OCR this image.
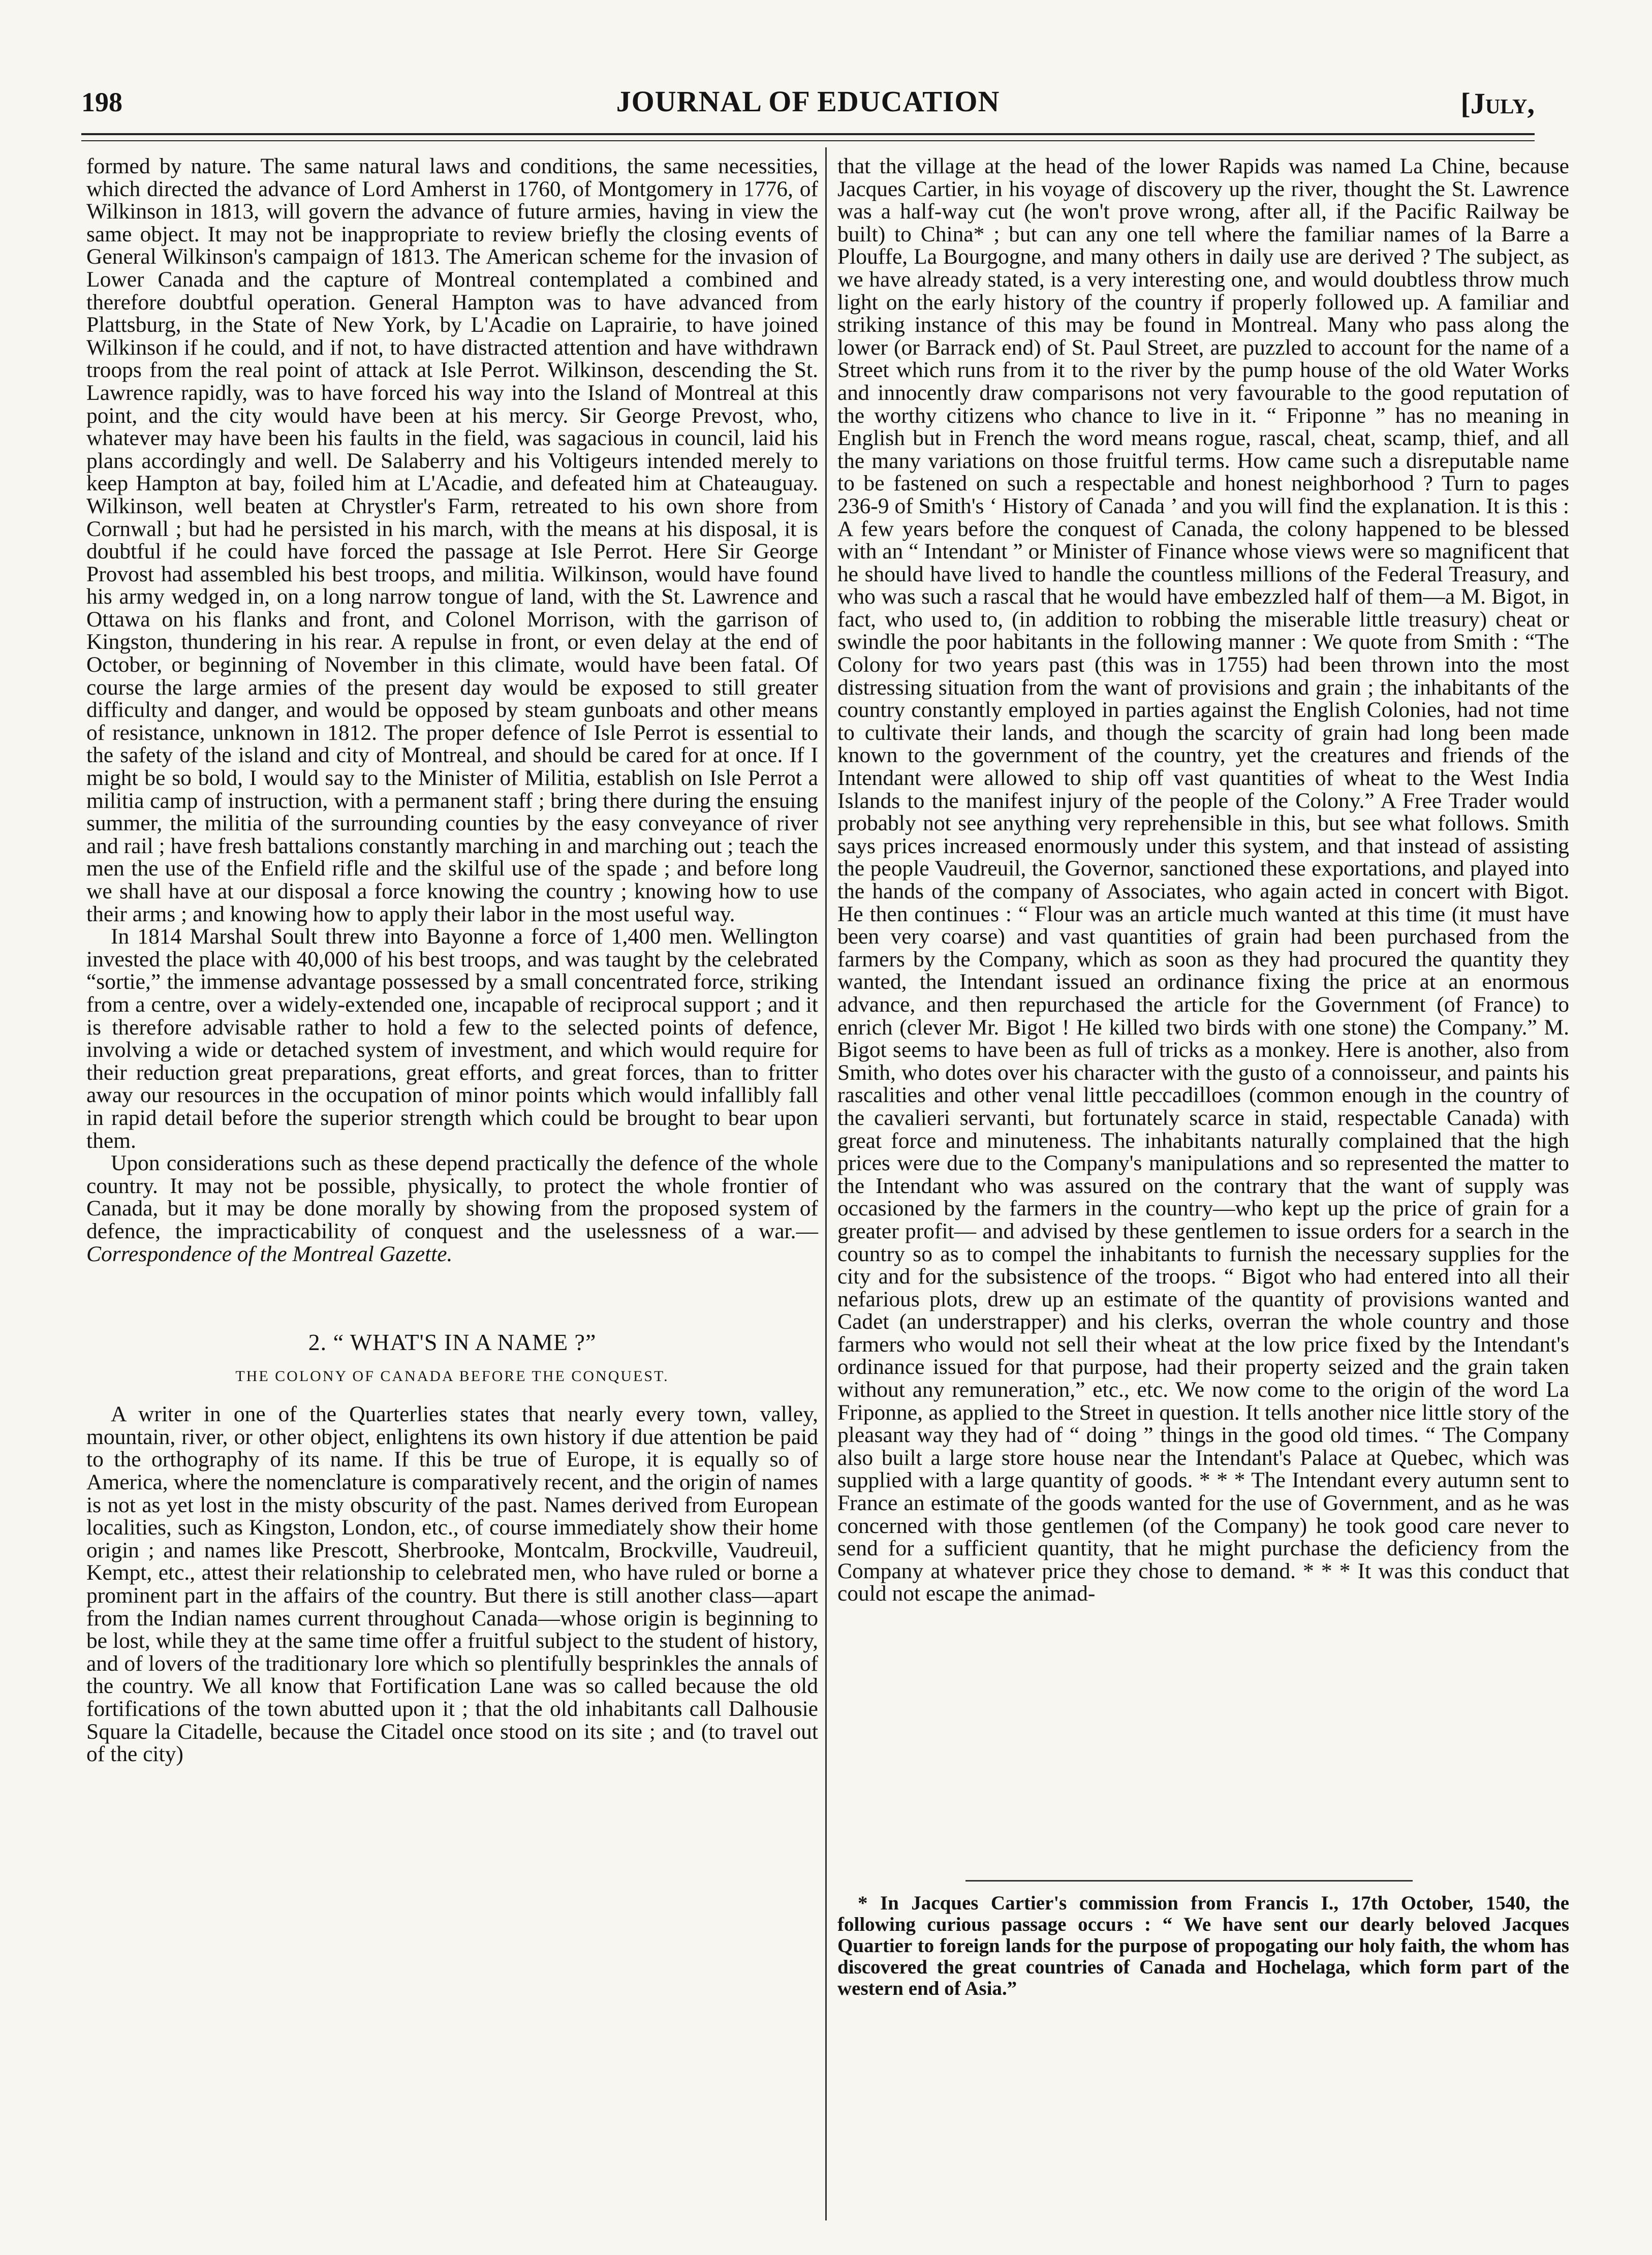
198	JOURNAL OF EDUCATION	[July,

formed by nature. The same natural laws and conditions, the same necessities, which directed the advance of Lord Amherst in 1760, of Montgomery in 1776, of Wilkinson in 1813, will govern the advance of future armies, having in view the same object. It may not be inappropriate to review briefly the closing events of General Wilkinson's campaign of 1813. The American scheme for the invasion of Lower Canada and the capture of Montreal contemplated a combined and therefore doubtful operation. General Hampton was to have advanced from Plattsburg, in the State of New York, by L'Acadie on Laprairie, to have joined Wilkinson if he could, and if not, to have distracted attention and have withdrawn troops from the real point of attack at Isle Perrot. Wilkinson, descending the St. Lawrence rapidly, was to have forced his way into the Island of Montreal at this point, and the city would have been at his mercy. Sir George Prevost, who, whatever may have been his faults in the field, was sagacious in council, laid his plans accordingly and well. De Salaberry and his Voltigeurs intended merely to keep Hampton at bay, foiled him at L'Acadie, and defeated him at Chateauguay. Wilkinson, well beaten at Chrystler's Farm, retreated to his own shore from Cornwall ; but had he persisted in his march, with the means at his disposal, it is doubtful if he could have forced the passage at Isle Perrot. Here Sir George Provost had assembled his best troops, and militia. Wilkinson, would have found his army wedged in, on a long narrow tongue of land, with the St. Lawrence and Ottawa on his flanks and front, and Colonel Morrison, with the garrison of Kingston, thundering in his rear. A repulse in front, or even delay at the end of October, or beginning of November in this climate, would have been fatal. Of course the large armies of the present day would be exposed to still greater difficulty and danger, and would be opposed by steam gunboats and other means of resistance, unknown in 1812. The proper defence of Isle Perrot is essential to the safety of the island and city of Montreal, and should be cared for at once. If I might be so bold, I would say to the Minister of Militia, establish on Isle Perrot a militia camp of instruction, with a permanent staff ; bring there during the ensuing summer, the militia of the surrounding counties by the easy conveyance of river and rail ; have fresh battalions constantly marching in and marching out ; teach the men the use of the Enfield rifle and the skilful use of the spade ; and before long we shall have at our disposal a force knowing the country ; knowing how to use their arms ; and knowing how to apply their labor in the most useful way.

In 1814 Marshal Soult threw into Bayonne a force of 1,400 men. Wellington invested the place with 40,000 of his best troops, and was taught by the celebrated “sortie,” the immense advantage possessed by a small concentrated force, striking from a centre, over a widely-extended one, incapable of reciprocal support ; and it is therefore advisable rather to hold a few to the selected points of defence, involving a wide or detached system of investment, and which would require for their reduction great preparations, great efforts, and great forces, than to fritter away our resources in the occupation of minor points which would infallibly fall in rapid detail before the superior strength which could be brought to bear upon them.

Upon considerations such as these depend practically the defence of the whole country. It may not be possible, physically, to protect the whole frontier of Canada, but it may be done morally by showing from the proposed system of defence, the impracticability of conquest and the uselessness of a war.—Correspondence of the Montreal Gazette.

2. “ WHAT'S IN A NAME ?”
THE COLONY OF CANADA BEFORE THE CONQUEST.

A writer in one of the Quarterlies states that nearly every town, valley, mountain, river, or other object, enlightens its own history if due attention be paid to the orthography of its name. If this be true of Europe, it is equally so of America, where the nomenclature is comparatively recent, and the origin of names is not as yet lost in the misty obscurity of the past. Names derived from European localities, such as Kingston, London, etc., of course immediately show their home origin ; and names like Prescott, Sherbrooke, Montcalm, Brockville, Vaudreuil, Kempt, etc., attest their relationship to celebrated men, who have ruled or borne a prominent part in the affairs of the country. But there is still another class—apart from the Indian names current throughout Canada—whose origin is beginning to be lost, while they at the same time offer a fruitful subject to the student of history, and of lovers of the traditionary lore which so plentifully besprinkles the annals of the country. We all know that Fortification Lane was so called because the old fortifications of the town abutted upon it ; that the old inhabitants call Dalhousie Square la Citadelle, because the Citadel once stood on its site ; and (to travel out of the city)

that the village at the head of the lower Rapids was named La Chine, because Jacques Cartier, in his voyage of discovery up the river, thought the St. Lawrence was a half-way cut (he won't prove wrong, after all, if the Pacific Railway be built) to China* ; but can any one tell where the familiar names of la Barre a Plouffe, La Bourgogne, and many others in daily use are derived ? The subject, as we have already stated, is a very interesting one, and would doubtless throw much light on the early history of the country if properly followed up. A familiar and striking instance of this may be found in Montreal. Many who pass along the lower (or Barrack end) of St. Paul Street, are puzzled to account for the name of a Street which runs from it to the river by the pump house of the old Water Works and innocently draw comparisons not very favourable to the good reputation of the worthy citizens who chance to live in it. “ Friponne ” has no meaning in English but in French the word means rogue, rascal, cheat, scamp, thief, and all the many variations on those fruitful terms. How came such a disreputable name to be fastened on such a respectable and honest neighborhood ? Turn to pages 236-9 of Smith's ‘ History of Canada ’ and you will find the explanation. It is this : A few years before the conquest of Canada, the colony happened to be blessed with an “ Intendant ” or Minister of Finance whose views were so magnificent that he should have lived to handle the countless millions of the Federal Treasury, and who was such a rascal that he would have embezzled half of them—a M. Bigot, in fact, who used to, (in addition to robbing the miserable little treasury) cheat or swindle the poor habitants in the following manner : We quote from Smith : “The Colony for two years past (this was in 1755) had been thrown into the most distressing situation from the want of provisions and grain ; the inhabitants of the country constantly employed in parties against the English Colonies, had not time to cultivate their lands, and though the scarcity of grain had long been made known to the government of the country, yet the creatures and friends of the Intendant were allowed to ship off vast quantities of wheat to the West India Islands to the manifest injury of the people of the Colony.” A Free Trader would probably not see anything very reprehensible in this, but see what follows. Smith says prices increased enormously under this system, and that instead of assisting the people Vaudreuil, the Governor, sanctioned these exportations, and played into the hands of the company of Associates, who again acted in concert with Bigot. He then continues : “ Flour was an article much wanted at this time (it must have been very coarse) and vast quantities of grain had been purchased from the farmers by the Company, which as soon as they had procured the quantity they wanted, the Intendant issued an ordinance fixing the price at an enormous advance, and then repurchased the article for the Government (of France) to enrich (clever Mr. Bigot ! He killed two birds with one stone) the Company.” M. Bigot seems to have been as full of tricks as a monkey. Here is another, also from Smith, who dotes over his character with the gusto of a connoisseur, and paints his rascalities and other venal little peccadilloes (common enough in the country of the cavalieri servanti, but fortunately scarce in staid, respectable Canada) with great force and minuteness. The inhabitants naturally complained that the high prices were due to the Company's manipulations and so represented the matter to the Intendant who was assured on the contrary that the want of supply was occasioned by the farmers in the country—who kept up the price of grain for a greater profit— and advised by these gentlemen to issue orders for a search in the country so as to compel the inhabitants to furnish the necessary supplies for the city and for the subsistence of the troops. “ Bigot who had entered into all their nefarious plots, drew up an estimate of the quantity of provisions wanted and Cadet (an understrapper) and his clerks, overran the whole country and those farmers who would not sell their wheat at the low price fixed by the Intendant's ordinance issued for that purpose, had their property seized and the grain taken without any remuneration,” etc., etc. We now come to the origin of the word La Friponne, as applied to the Street in question. It tells another nice little story of the pleasant way they had of “ doing ” things in the good old times. “ The Company also built a large store house near the Intendant's Palace at Quebec, which was supplied with a large quantity of goods. * * * The Intendant every autumn sent to France an estimate of the goods wanted for the use of Government, and as he was concerned with those gentlemen (of the Company) he took good care never to send for a sufficient quantity, that he might purchase the deficiency from the Company at whatever price they chose to demand. * * * It was this conduct that could not escape the animad-

* In Jacques Cartier's commission from Francis I., 17th October, 1540, the following curious passage occurs : “ We have sent our dearly beloved Jacques Quartier to foreign lands for the purpose of propogating our holy faith, the whom has discovered the great countries of Canada and Hochelaga, which form part of the western end of Asia.”
